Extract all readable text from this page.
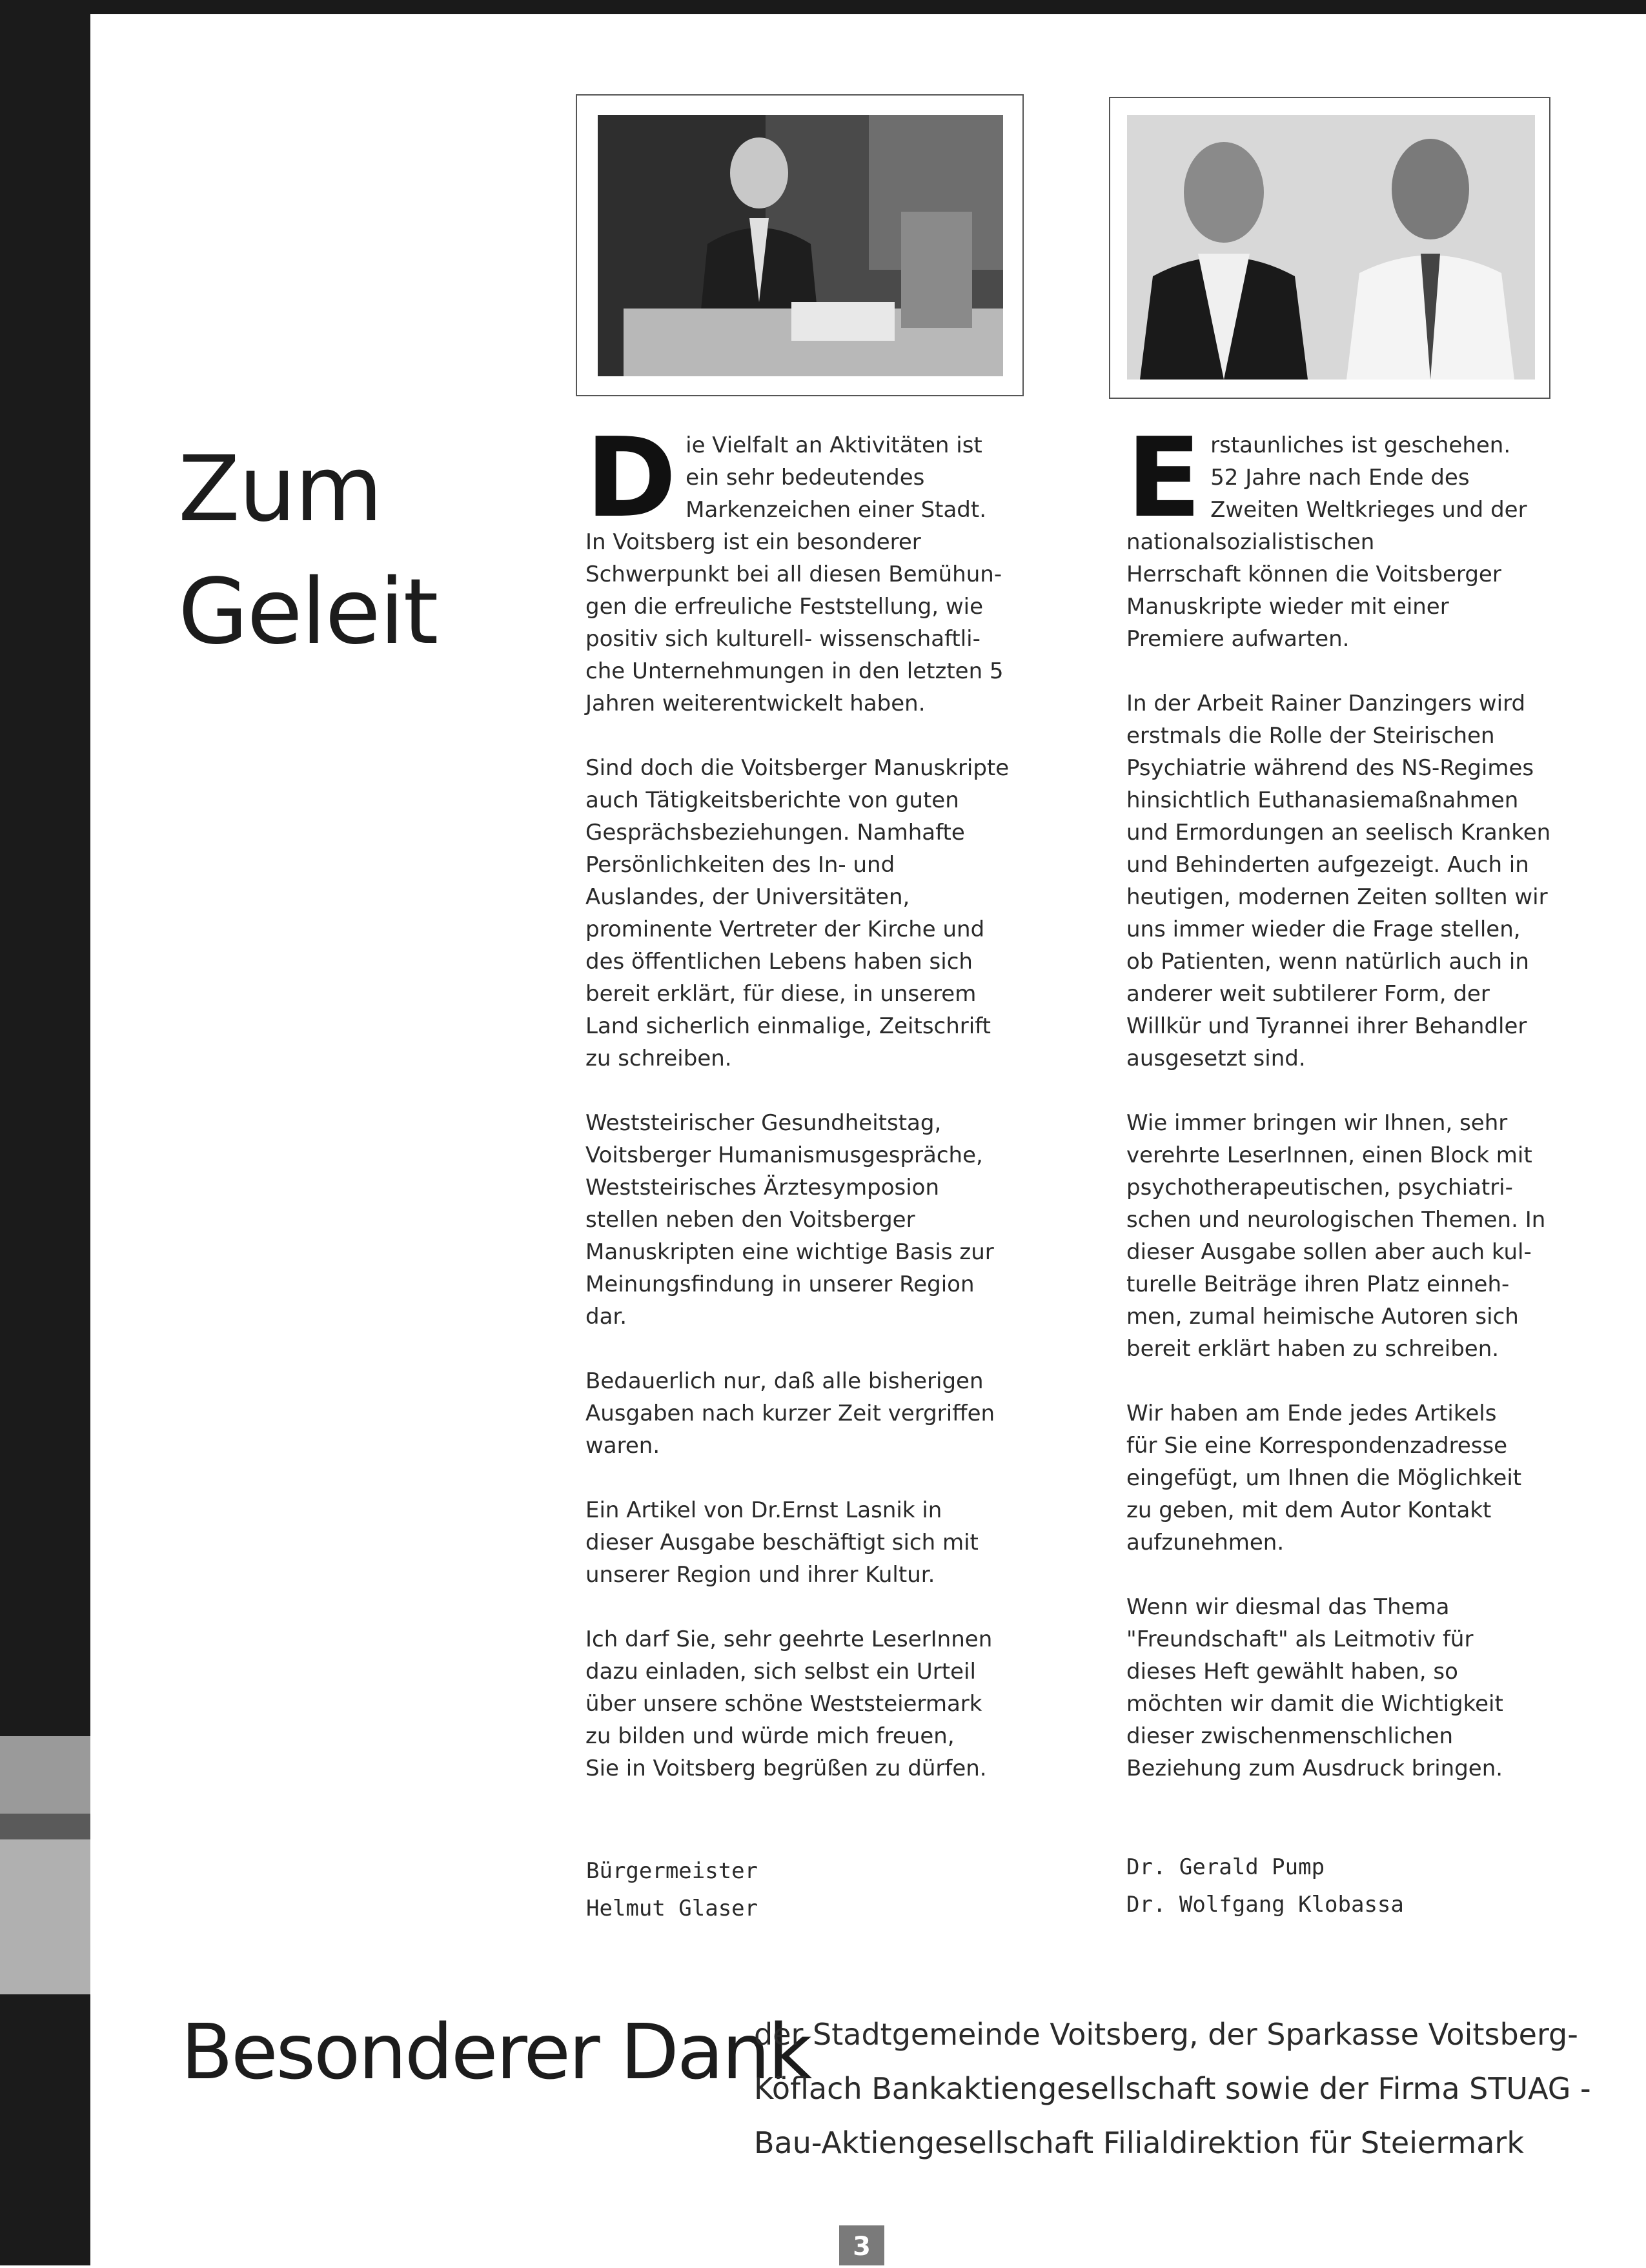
Zum
Geleit
D ie Vielfalt an Aktivitäten ist
ein sehr bedeutendes
Markenzeichen einer Stadt.
In Voitsberg ist ein besonderer

Schwerpunkt bei all diesen Bemühun-
gen die erfreuliche Feststellung, wie
positiv sich kulturell- wissenschaftli-
che Unternehmungen in den letzten 5
Jahren weiterentwickelt haben.

Sind doch die Voitsberger Manuskripte
auch Tätigkeitsberichte von guten
Gesprächsbeziehungen. Namhafte
Persönlichkeiten des In- und
Auslandes, der Universitäten,
prominente Vertreter der Kirche und
des öffentlichen Lebens haben sich
bereit erklärt, für diese, in unserem
Land sicherlich einmalige, Zeitschrift
zu schreiben.

Weststeirischer Gesundheitstag,
Voitsberger Humanismusgespräche,
Weststeirisches Ärztesymposion
stellen neben den Voitsberger
Manuskripten eine wichtige Basis zur
Meinungsfindung in unserer Region
dar.

Bedauerlich nur, daß alle bisherigen
Ausgaben nach kurzer Zeit vergriffen
waren.

Ein Artikel von Dr.Ernst Lasnik in
dieser Ausgabe beschäftigt sich mit
unserer Region und ihrer Kultur.

Ich darf Sie, sehr geehrte LeserInnen
dazu einladen, sich selbst ein Urteil
über unsere schöne Weststeiermark
zu bilden und würde mich freuen,
Sie in Voitsberg begrüßen zu dürfen.

E rstaunliches ist geschehen.
52 Jahre nach Ende des
Zweiten Weltkrieges und der
nationalsozialistischen

Herrschaft können die Voitsberger
Manuskripte wieder mit einer
Premiere aufwarten.

In der Arbeit Rainer Danzingers wird
erstmals die Rolle der Steirischen
Psychiatrie während des NS-Regimes
hinsichtlich Euthanasiemaßnahmen
und Ermordungen an seelisch Kranken
und Behinderten aufgezeigt. Auch in
heutigen, modernen Zeiten sollten wir
uns immer wieder die Frage stellen,
ob Patienten, wenn natürlich auch in
anderer weit subtilerer Form, der
Willkür und Tyrannei ihrer Behandler
ausgesetzt sind.

Wie immer bringen wir Ihnen, sehr
verehrte LeserInnen, einen Block mit
psychotherapeutischen, psychiatri-
schen und neurologischen Themen. In
dieser Ausgabe sollen aber auch kul-
turelle Beiträge ihren Platz einneh-
men, zumal heimische Autoren sich
bereit erklärt haben zu schreiben.

Wir haben am Ende jedes Artikels
für Sie eine Korrespondenzadresse
eingefügt, um Ihnen die Möglichkeit
zu geben, mit dem Autor Kontakt
aufzunehmen.

Wenn wir diesmal das Thema
"Freundschaft" als Leitmotiv für
dieses Heft gewählt haben, so
möchten wir damit die Wichtigkeit
dieser zwischenmenschlichen
Beziehung zum Ausdruck bringen.

Bürgermeister
Helmut Glaser
Dr. Gerald Pump
Dr. Wolfgang Klobassa
Besonderer Dank
der Stadtgemeinde Voitsberg, der Sparkasse Voitsberg-
Köflach Bankaktiengesellschaft sowie der Firma STUAG -
Bau-Aktiengesellschaft Filialdirektion für Steiermark
3
